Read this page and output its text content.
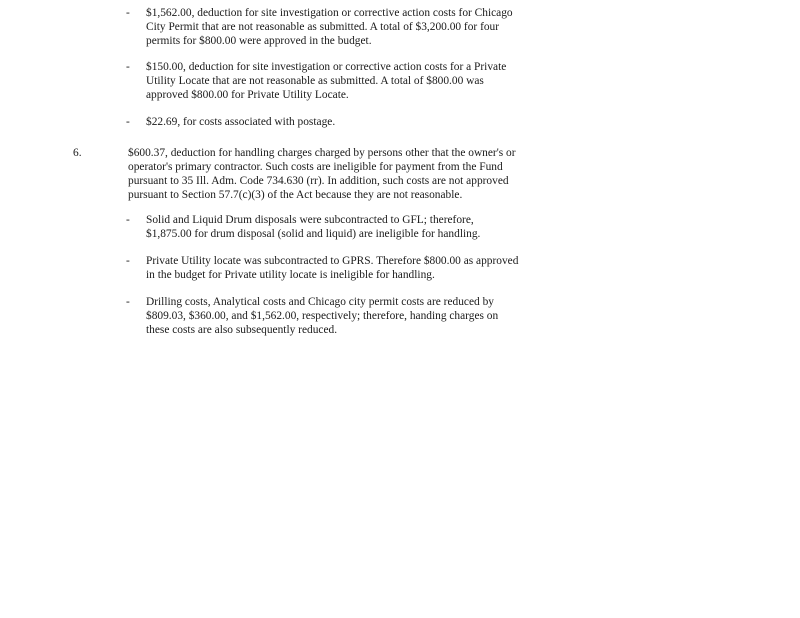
- $1,562.00, deduction for site investigation or corrective action costs for Chicago
City Permit that are not reasonable as submitted. A total of $3,200.00 for four
permits for $800.00 were approved in the budget.
- $150.00, deduction for site investigation or corrective action costs for a Private
Utility Locate that are not reasonable as submitted. A total of $800.00 was
approved $800.00 for Private Utility Locate.
- $22.69, for costs associated with postage.
6.	$600.37, deduction for handling charges charged by persons other that the owner's or
operator's primary contractor. Such costs are ineligible for payment from the Fund
pursuant to 35 Ill. Adm. Code 734.630 (rr). In addition, such costs are not approved
pursuant to Section 57.7(c)(3) of the Act because they are not reasonable.
- Solid and Liquid Drum disposals were subcontracted to GFL; therefore,
$1,875.00 for drum disposal (solid and liquid) are ineligible for handling.
- Private Utility locate was subcontracted to GPRS. Therefore $800.00 as approved
in the budget for Private utility locate is ineligible for handling.
- Drilling costs, Analytical costs and Chicago city permit costs are reduced by
$809.03, $360.00, and $1,562.00, respectively; therefore, handing charges on
these costs are also subsequently reduced.
